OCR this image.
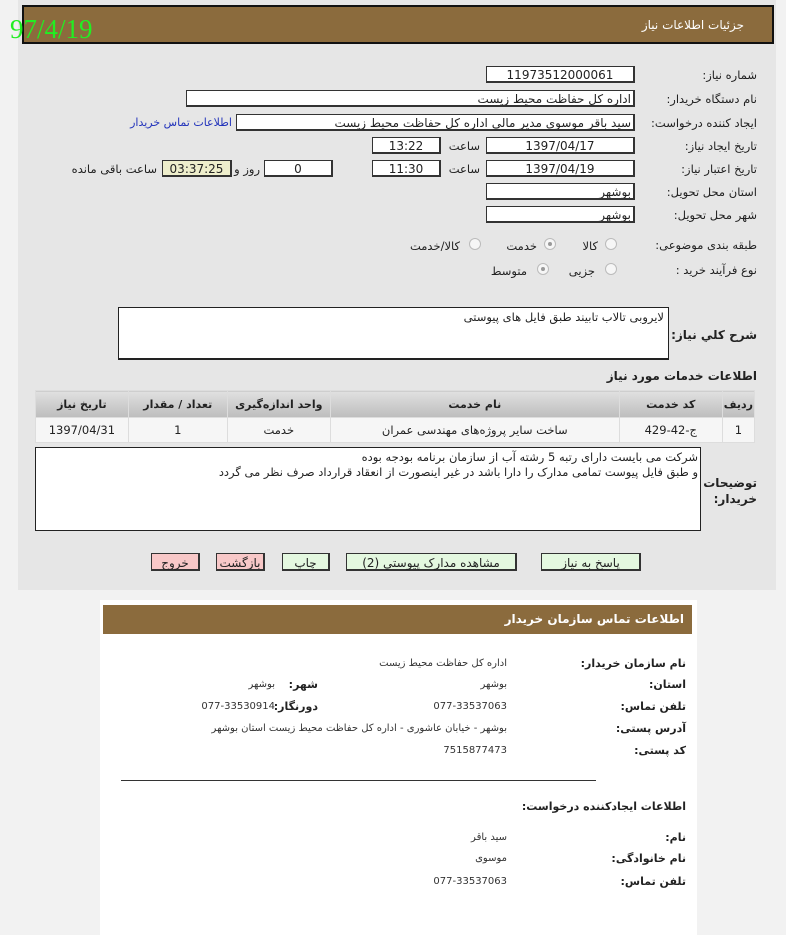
جزئیات اطلاعات نیاز
97/4/19
شماره نیاز:
11973512000061
نام دستگاه خریدار:
اداره کل حفاظت محیط زیست
ایجاد کننده درخواست:
سید باقر موسوی مدیر مالی اداره کل حفاظت محیط زیست
اطلاعات تماس خریدار
تاریخ ایجاد نیاز:
1397/04/17
ساعت
13:22
تاریخ اعتبار نیاز:
1397/04/19
ساعت
11:30
0
روز و
03:37:25
ساعت باقی مانده
استان محل تحویل:
بوشهر
شهر محل تحویل:
بوشهر
طبقه بندی موضوعی:
کالا
خدمت
کالا/خدمت
نوع فرآیند خرید :
جزیی
متوسط
شرح کلي نياز:
لایروبی تالاب تابیند طبق فایل های پیوستی
اطلاعات خدمات مورد نیاز
ردیف	کد خدمت	نام خدمت	واحد اندازه‌گیری	تعداد / مقدار	تاریخ نیاز
1	ج-42-429	ساخت سایر پروژه‌های مهندسی عمران	خدمت	1	1397/04/31
توضیحات
خریدار:
شرکت می بایست دارای رتبه 5 رشته آب از سازمان برنامه بودجه بوده
و طبق فایل پیوست تمامی مدارک را دارا باشد در غیر اینصورت از انعقاد قرارداد صرف نظر می گردد
پاسخ به نیاز
مشاهده مدارک پیوستي (2)
چاپ
بازگشت
خروج
اطلاعات تماس سازمان خریدار
نام سازمان خریدار:
اداره کل حفاظت محیط زیست
استان:
بوشهر
شهر:
بوشهر
تلفن تماس:
077-33537063
دورنگار:
077-33530914
آدرس پستی:
بوشهر - خیابان عاشوری - اداره کل حفاظت محیط زیست استان بوشهر
کد پستی:
7515877473
اطلاعات ایجادکننده درخواست:
نام:
سید باقر
نام خانوادگی:
موسوی
تلفن تماس:
077-33537063
